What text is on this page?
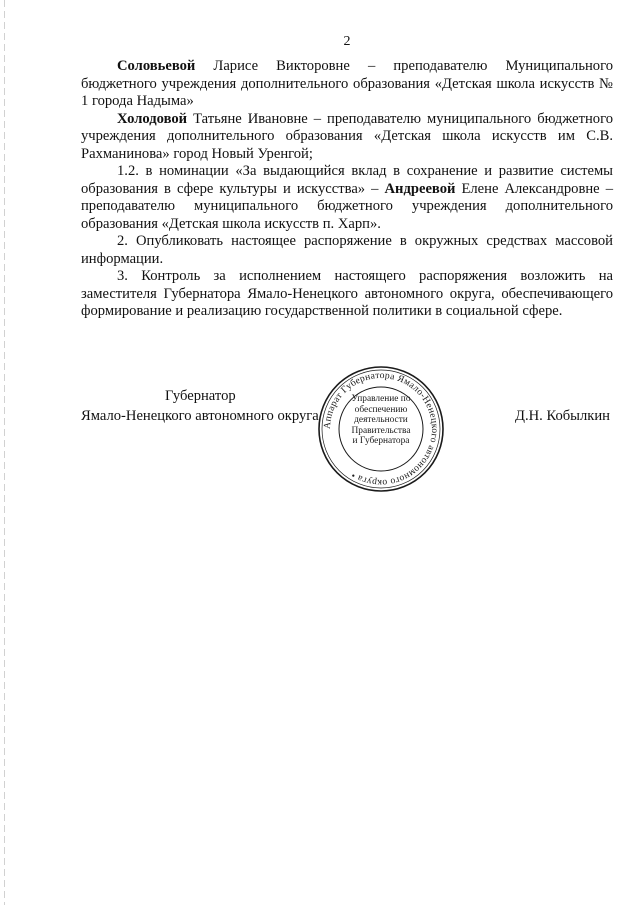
2

Соловьевой Ларисе Викторовне – преподавателю Муниципального бюджетного учреждения дополнительного образования «Детская школа искусств № 1 города Надыма»

Холодовой Татьяне Ивановне – преподавателю муниципального бюджетного учреждения дополнительного образования «Детская школа искусств им С.В. Рахманинова» город Новый Уренгой;

1.2. в номинации «За выдающийся вклад в сохранение и развитие системы образования в сфере культуры и искусства» – Андреевой Елене Александровне – преподавателю муниципального бюджетного учреждения дополнительного образования «Детская школа искусств п. Харп».

2. Опубликовать настоящее распоряжение в окружных средствах массовой информации.

3. Контроль за исполнением настоящего распоряжения возложить на заместителя Губернатора Ямало-Ненецкого автономного округа, обеспечивающего формирование и реализацию государственной политики в социальной сфере.

Губернатор
Ямало-Ненецкого автономного округа
Аппарат Губернатора Ямало-Ненецкого автономного округа •
Управление по
обеспечению
деятельности
Правительства
и Губернатора
Д.Н. Кобылкин
